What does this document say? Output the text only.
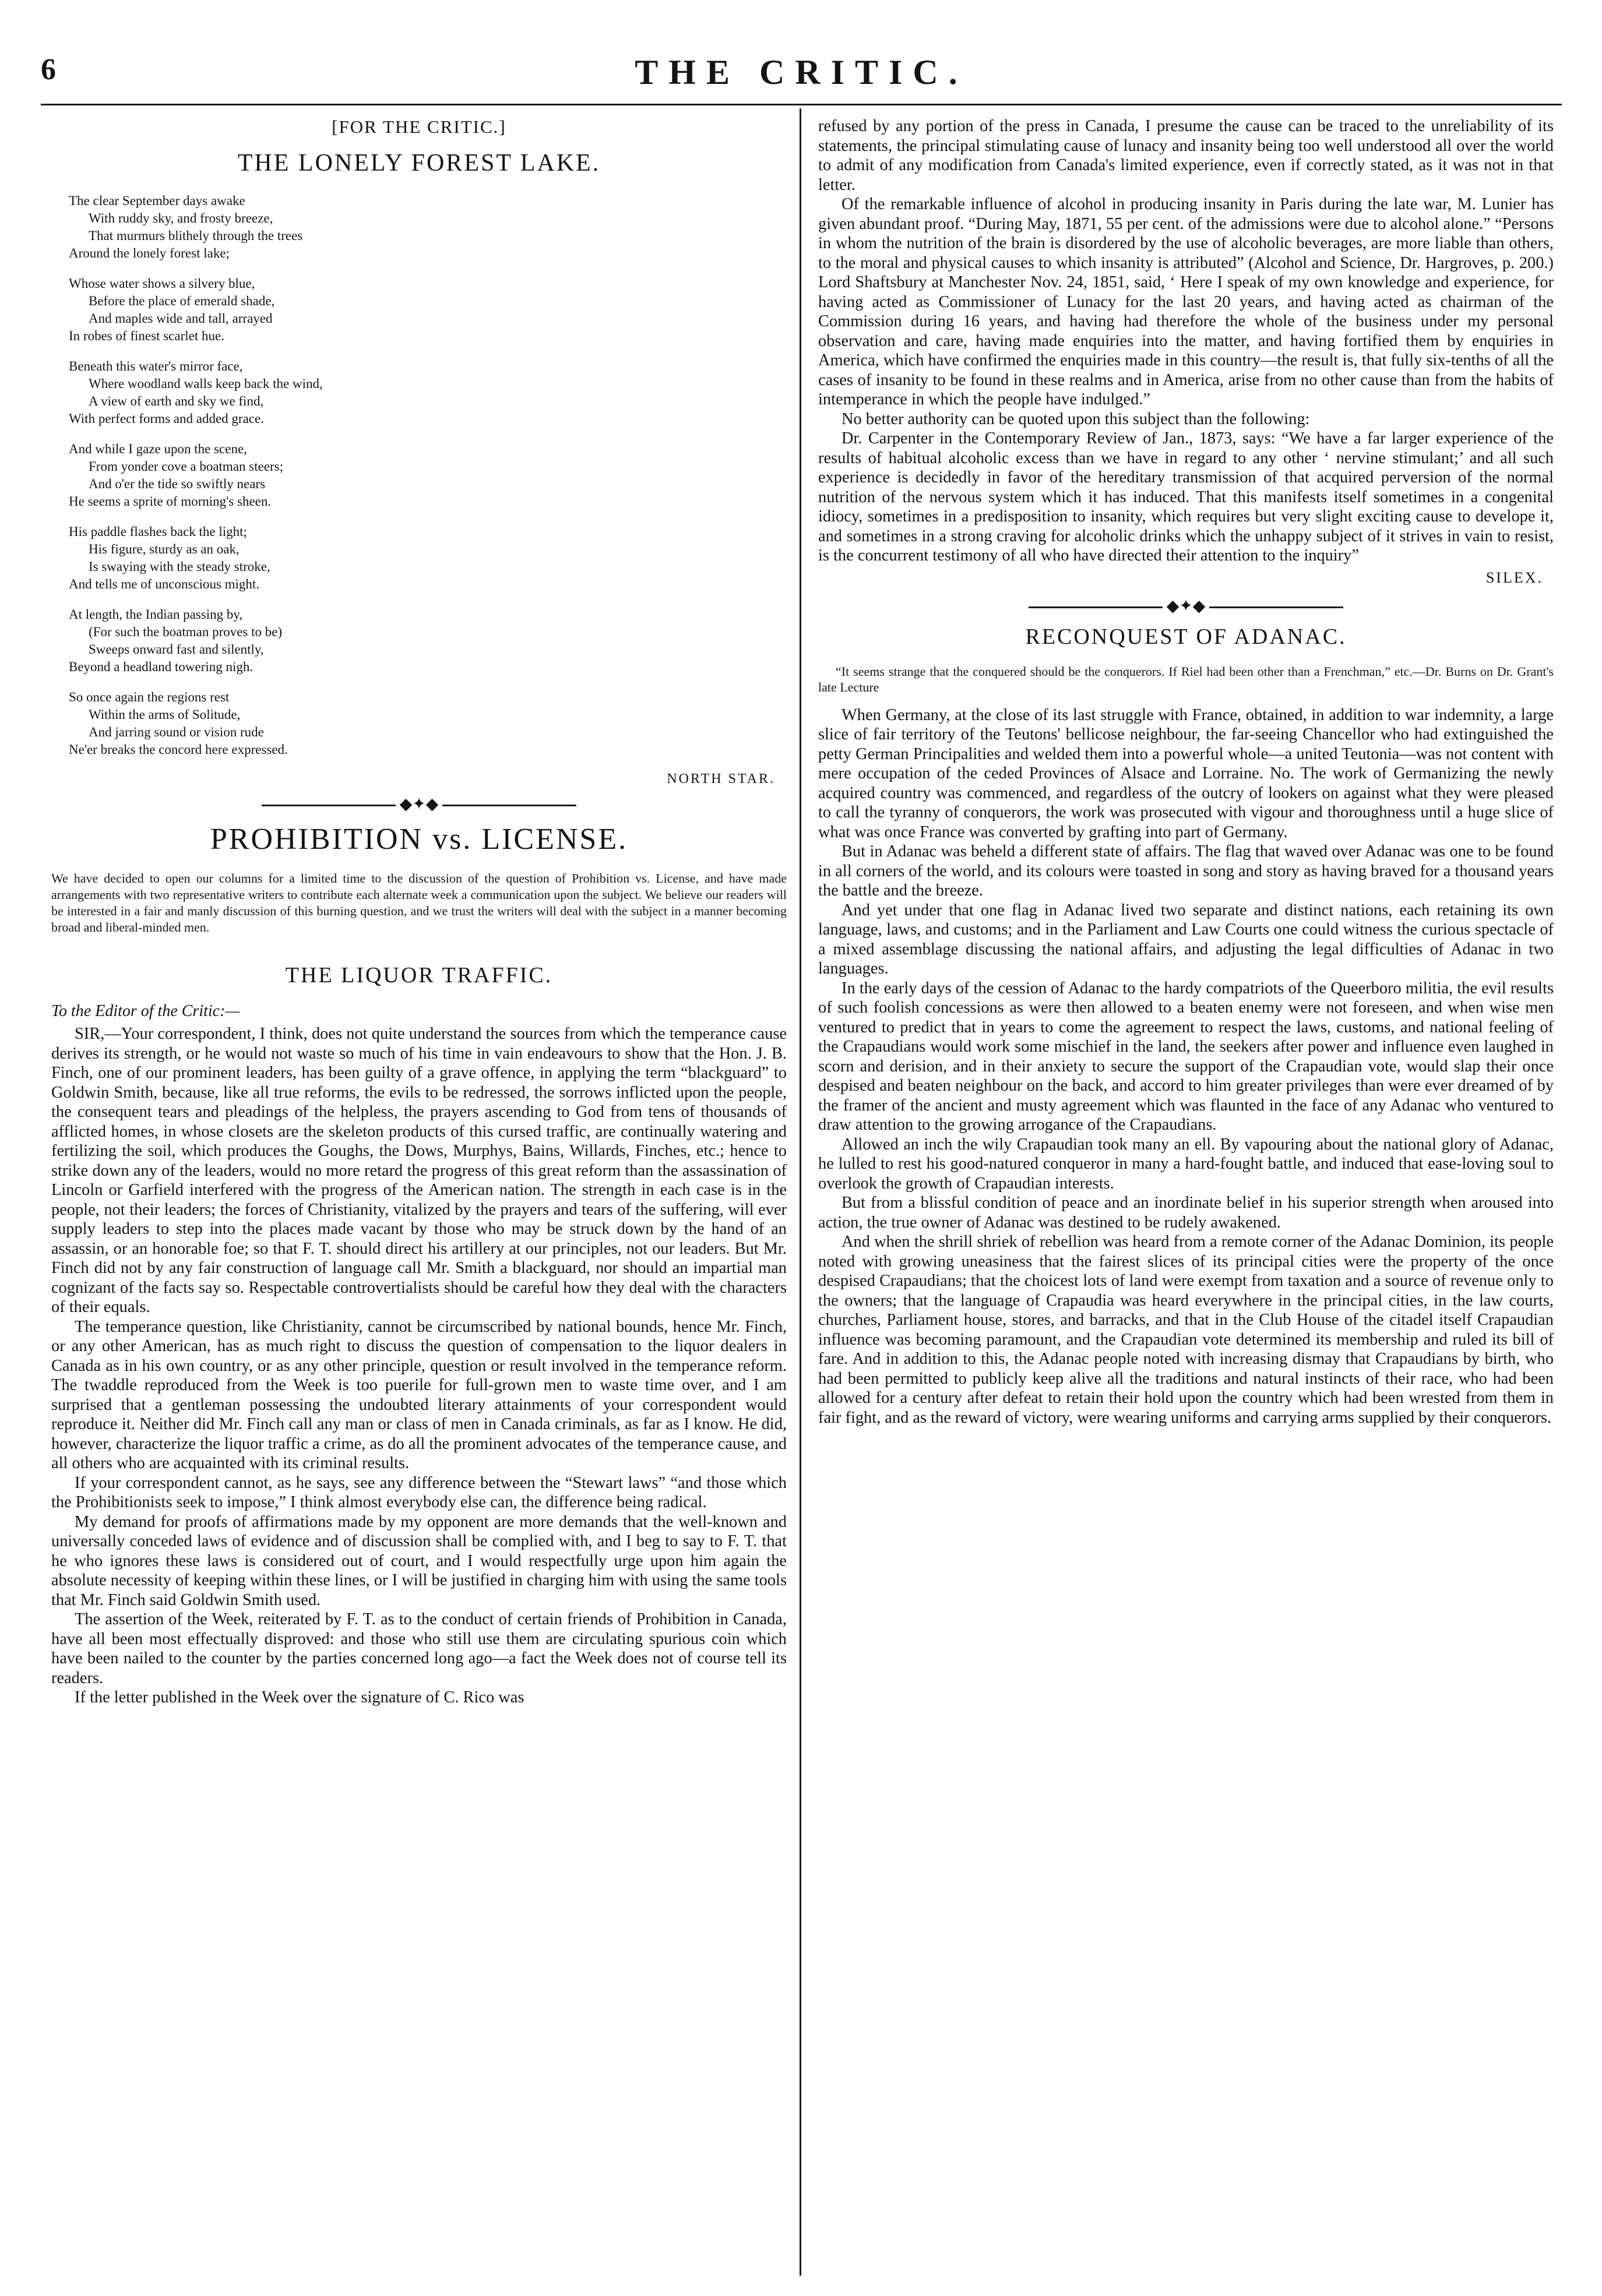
6	THE CRITIC.
[FOR THE CRITIC.]
THE LONELY FOREST LAKE.
The clear September days awake
With ruddy sky, and frosty breeze,
That murmurs blithely through the trees
Around the lonely forest lake;
Whose water shows a silvery blue,
Before the place of emerald shade,
And maples wide and tall, arrayed
In robes of finest scarlet hue.
Beneath this water's mirror face,
Where woodland walls keep back the wind,
A view of earth and sky we find,
With perfect forms and added grace.
And while I gaze upon the scene,
From yonder cove a boatman steers;
And o'er the tide so swiftly nears
He seems a sprite of morning's sheen.
His paddle flashes back the light;
His figure, sturdy as an oak,
Is swaying with the steady stroke,
And tells me of unconscious might.
At length, the Indian passing by,
(For such the boatman proves to be)
Sweeps onward fast and silently,
Beyond a headland towering nigh.
So once again the regions rest
Within the arms of Solitude,
And jarring sound or vision rude
Ne'er breaks the concord here expressed.
NORTH STAR.
◆✦◆
PROHIBITION vs. LICENSE.
We have decided to open our columns for a limited time to the discussion of the question of Prohibition vs. License, and have made arrangements with two representative writers to contribute each alternate week a communication upon the subject. We believe our readers will be interested in a fair and manly discussion of this burning question, and we trust the writers will deal with the subject in a manner becoming broad and liberal-minded men.
THE LIQUOR TRAFFIC.
To the Editor of the Critic:—

SIR,—Your correspondent, I think, does not quite understand the sources from which the temperance cause derives its strength, or he would not waste so much of his time in vain endeavours to show that the Hon. J. B. Finch, one of our prominent leaders, has been guilty of a grave offence, in applying the term “blackguard” to Goldwin Smith, because, like all true reforms, the evils to be redressed, the sorrows inflicted upon the people, the consequent tears and pleadings of the helpless, the prayers ascending to God from tens of thousands of afflicted homes, in whose closets are the skeleton products of this cursed traffic, are continually watering and fertilizing the soil, which produces the Goughs, the Dows, Murphys, Bains, Willards, Finches, etc.; hence to strike down any of the leaders, would no more retard the progress of this great reform than the assassination of Lincoln or Garfield interfered with the progress of the American nation. The strength in each case is in the people, not their leaders; the forces of Christianity, vitalized by the prayers and tears of the suffering, will ever supply leaders to step into the places made vacant by those who may be struck down by the hand of an assassin, or an honorable foe; so that F. T. should direct his artillery at our principles, not our leaders. But Mr. Finch did not by any fair construction of language call Mr. Smith a blackguard, nor should an impartial man cognizant of the facts say so. Respectable controvertialists should be careful how they deal with the characters of their equals.

The temperance question, like Christianity, cannot be circumscribed by national bounds, hence Mr. Finch, or any other American, has as much right to discuss the question of compensation to the liquor dealers in Canada as in his own country, or as any other principle, question or result involved in the temperance reform. The twaddle reproduced from the Week is too puerile for full-grown men to waste time over, and I am surprised that a gentleman possessing the undoubted literary attainments of your correspondent would reproduce it. Neither did Mr. Finch call any man or class of men in Canada criminals, as far as I know. He did, however, characterize the liquor traffic a crime, as do all the prominent advocates of the temperance cause, and all others who are acquainted with its criminal results.

If your correspondent cannot, as he says, see any difference between the “Stewart laws” “and those which the Prohibitionists seek to impose,” I think almost everybody else can, the difference being radical.

My demand for proofs of affirmations made by my opponent are more demands that the well-known and universally conceded laws of evidence and of discussion shall be complied with, and I beg to say to F. T. that he who ignores these laws is considered out of court, and I would respectfully urge upon him again the absolute necessity of keeping within these lines, or I will be justified in charging him with using the same tools that Mr. Finch said Goldwin Smith used.

The assertion of the Week, reiterated by F. T. as to the conduct of certain friends of Prohibition in Canada, have all been most effectually disproved: and those who still use them are circulating spurious coin which have been nailed to the counter by the parties concerned long ago—a fact the Week does not of course tell its readers.

If the letter published in the Week over the signature of C. Rico was

refused by any portion of the press in Canada, I presume the cause can be traced to the unreliability of its statements, the principal stimulating cause of lunacy and insanity being too well understood all over the world to admit of any modification from Canada's limited experience, even if correctly stated, as it was not in that letter.

Of the remarkable influence of alcohol in producing insanity in Paris during the late war, M. Lunier has given abundant proof. “During May, 1871, 55 per cent. of the admissions were due to alcohol alone.” “Persons in whom the nutrition of the brain is disordered by the use of alcoholic beverages, are more liable than others, to the moral and physical causes to which insanity is attributed” (Alcohol and Science, Dr. Hargroves, p. 200.) Lord Shaftsbury at Manchester Nov. 24, 1851, said, ‘ Here I speak of my own knowledge and experience, for having acted as Commissioner of Lunacy for the last 20 years, and having acted as chairman of the Commission during 16 years, and having had therefore the whole of the business under my personal observation and care, having made enquiries into the matter, and having fortified them by enquiries in America, which have confirmed the enquiries made in this country—the result is, that fully six-tenths of all the cases of insanity to be found in these realms and in America, arise from no other cause than from the habits of intemperance in which the people have indulged.”

No better authority can be quoted upon this subject than the following:

Dr. Carpenter in the Contemporary Review of Jan., 1873, says: “We have a far larger experience of the results of habitual alcoholic excess than we have in regard to any other ‘ nervine stimulant;’ and all such experience is decidedly in favor of the hereditary transmission of that acquired perversion of the normal nutrition of the nervous system which it has induced. That this manifests itself sometimes in a congenital idiocy, sometimes in a predisposition to insanity, which requires but very slight exciting cause to develope it, and sometimes in a strong craving for alcoholic drinks which the unhappy subject of it strives in vain to resist, is the concurrent testimony of all who have directed their attention to the inquiry”

SILEX.
◆✦◆
RECONQUEST OF ADANAC.
“It seems strange that the conquered should be the conquerors. If Riel had been other than a Frenchman,” etc.—Dr. Burns on Dr. Grant's late Lecture

When Germany, at the close of its last struggle with France, obtained, in addition to war indemnity, a large slice of fair territory of the Teutons' bellicose neighbour, the far-seeing Chancellor who had extinguished the petty German Principalities and welded them into a powerful whole—a united Teutonia—was not content with mere occupation of the ceded Provinces of Alsace and Lorraine. No. The work of Germanizing the newly acquired country was commenced, and regardless of the outcry of lookers on against what they were pleased to call the tyranny of conquerors, the work was prosecuted with vigour and thoroughness until a huge slice of what was once France was converted by grafting into part of Germany.

But in Adanac was beheld a different state of affairs. The flag that waved over Adanac was one to be found in all corners of the world, and its colours were toasted in song and story as having braved for a thousand years the battle and the breeze.

And yet under that one flag in Adanac lived two separate and distinct nations, each retaining its own language, laws, and customs; and in the Parliament and Law Courts one could witness the curious spectacle of a mixed assemblage discussing the national affairs, and adjusting the legal difficulties of Adanac in two languages.

In the early days of the cession of Adanac to the hardy compatriots of the Queerboro militia, the evil results of such foolish concessions as were then allowed to a beaten enemy were not foreseen, and when wise men ventured to predict that in years to come the agreement to respect the laws, customs, and national feeling of the Crapaudians would work some mischief in the land, the seekers after power and influence even laughed in scorn and derision, and in their anxiety to secure the support of the Crapaudian vote, would slap their once despised and beaten neighbour on the back, and accord to him greater privileges than were ever dreamed of by the framer of the ancient and musty agreement which was flaunted in the face of any Adanac who ventured to draw attention to the growing arrogance of the Crapaudians.

Allowed an inch the wily Crapaudian took many an ell. By vapouring about the national glory of Adanac, he lulled to rest his good-natured conqueror in many a hard-fought battle, and induced that ease-loving soul to overlook the growth of Crapaudian interests.

But from a blissful condition of peace and an inordinate belief in his superior strength when aroused into action, the true owner of Adanac was destined to be rudely awakened.

And when the shrill shriek of rebellion was heard from a remote corner of the Adanac Dominion, its people noted with growing uneasiness that the fairest slices of its principal cities were the property of the once despised Crapaudians; that the choicest lots of land were exempt from taxation and a source of revenue only to the owners; that the language of Crapaudia was heard everywhere in the principal cities, in the law courts, churches, Parliament house, stores, and barracks, and that in the Club House of the citadel itself Crapaudian influence was becoming paramount, and the Crapaudian vote determined its membership and ruled its bill of fare. And in addition to this, the Adanac people noted with increasing dismay that Crapaudians by birth, who had been permitted to publicly keep alive all the traditions and natural instincts of their race, who had been allowed for a century after defeat to retain their hold upon the country which had been wrested from them in fair fight, and as the reward of victory, were wearing uniforms and carrying arms supplied by their conquerors.
